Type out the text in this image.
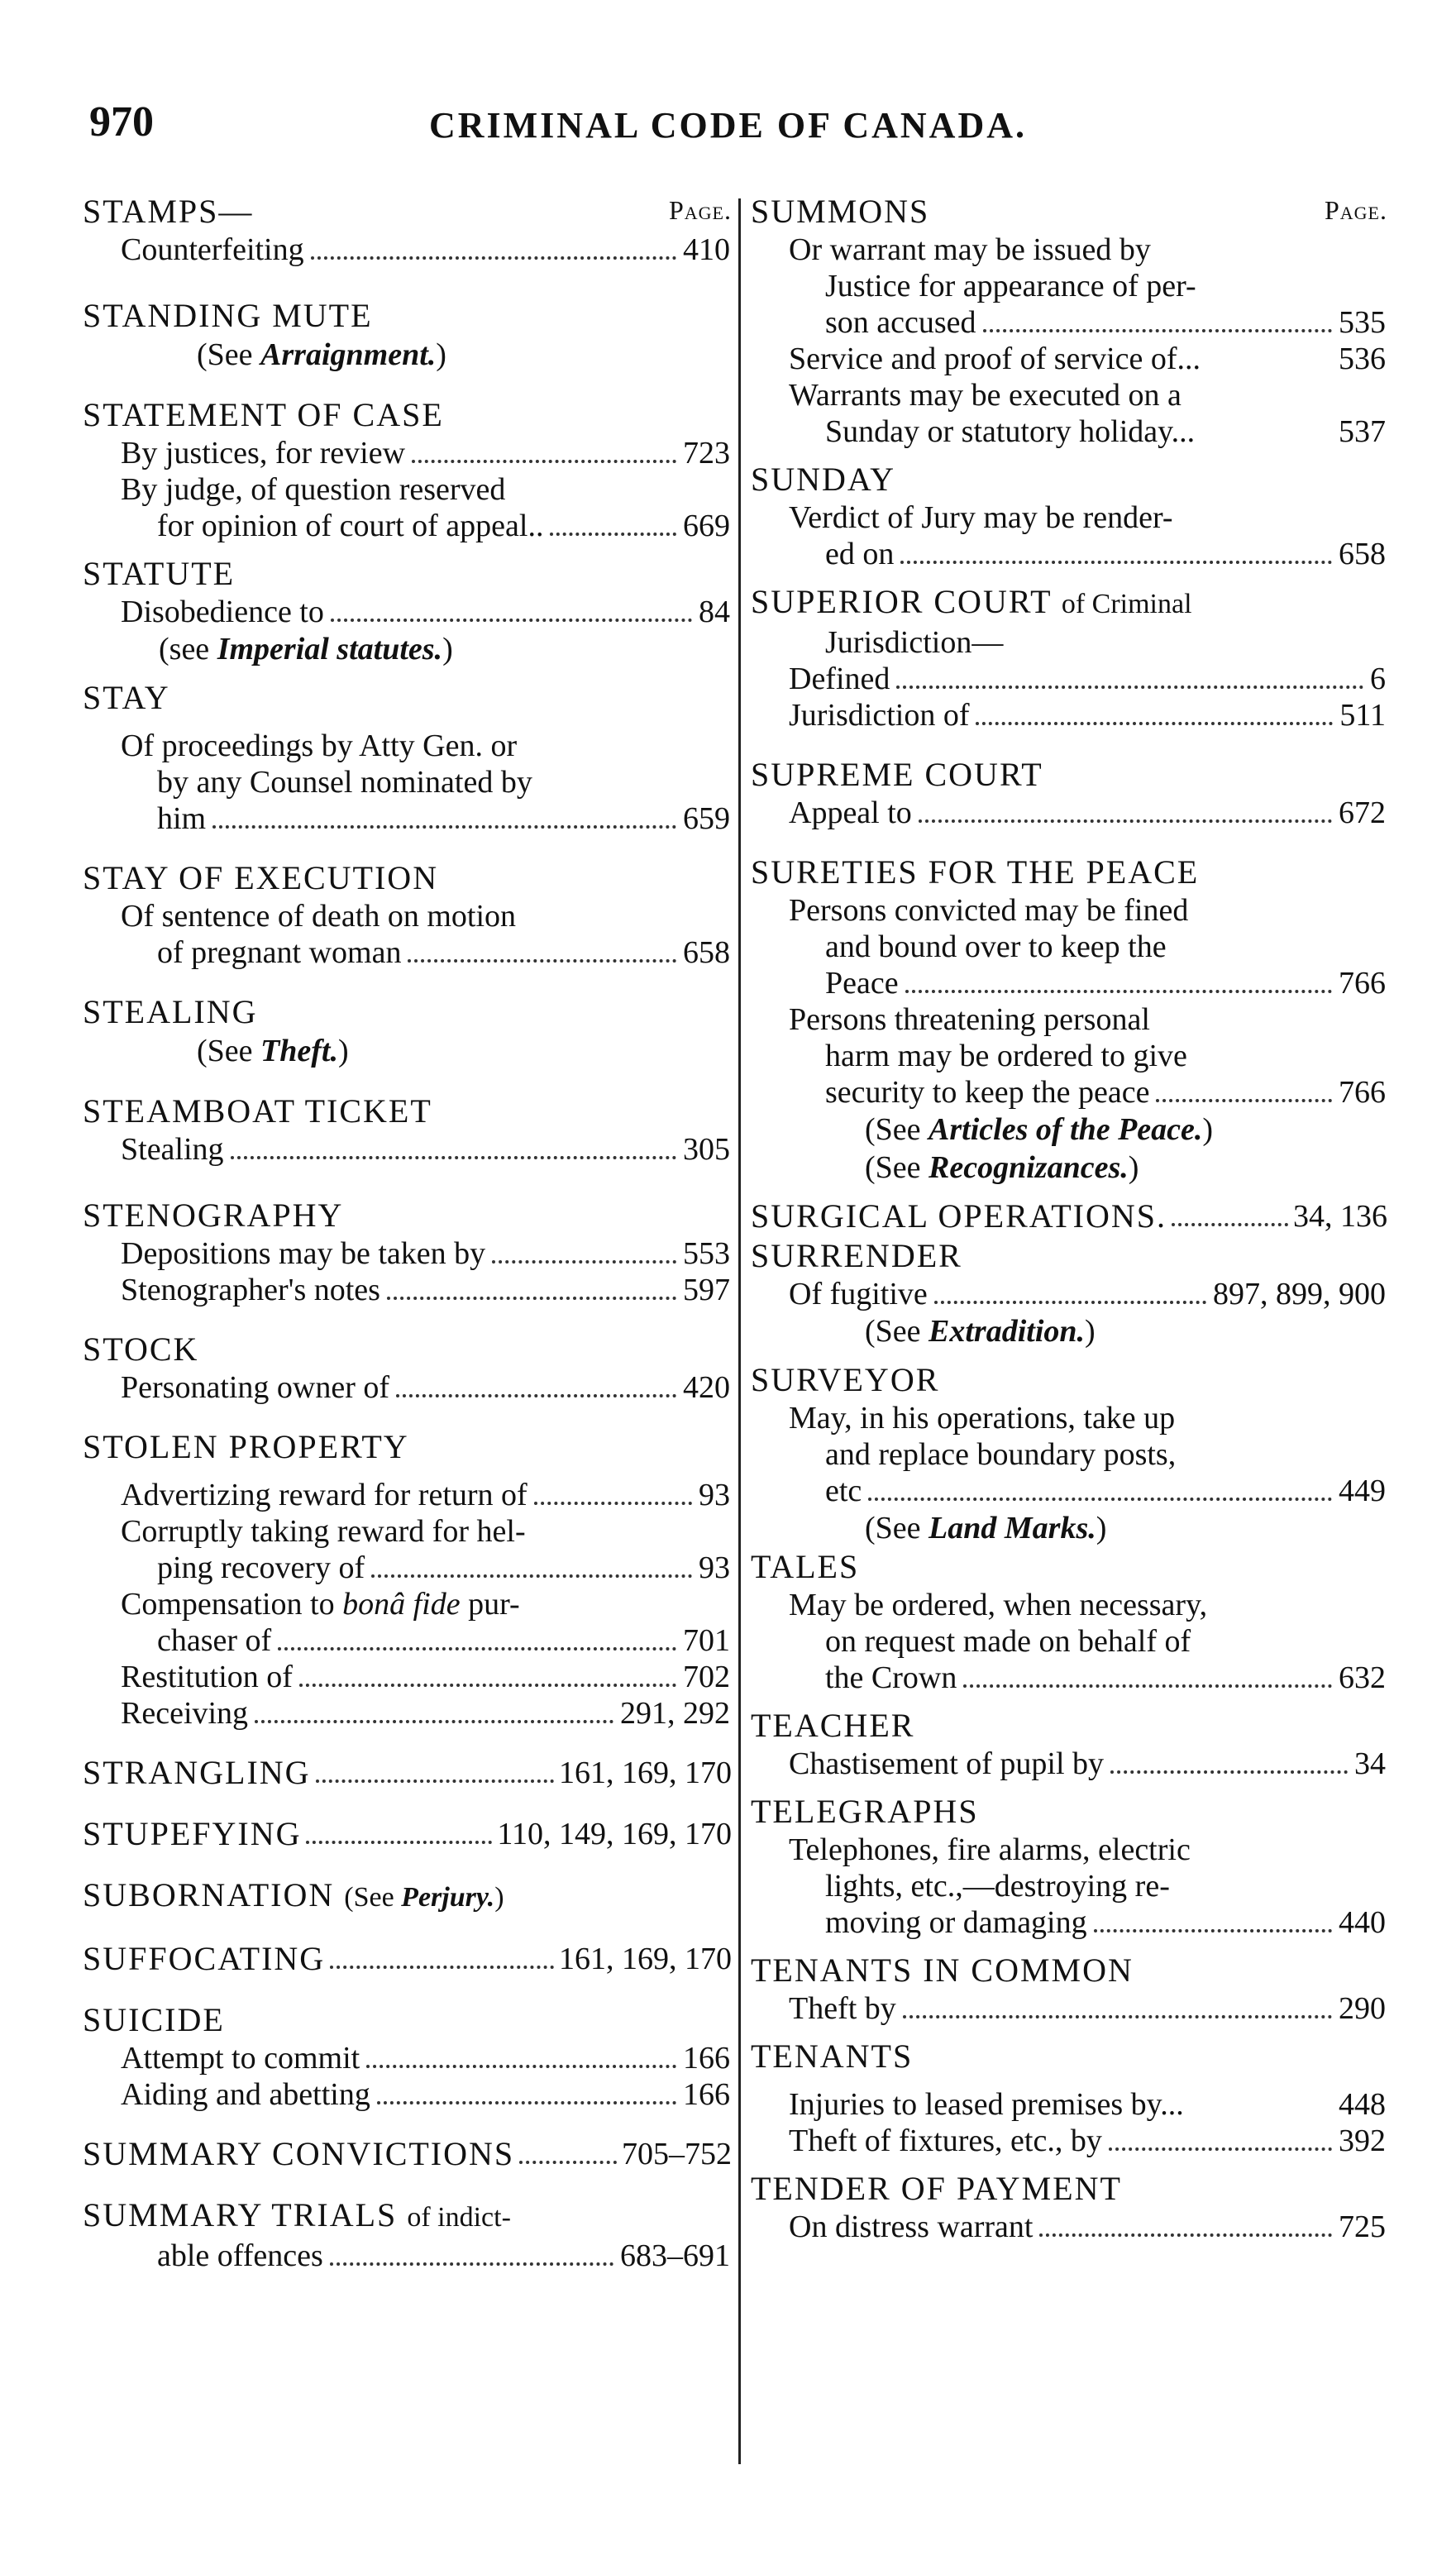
970	CRIMINAL CODE OF CANADA.
STAMPS—	Page.
Counterfeiting	410
STANDING MUTE
(See Arraignment.)
STATEMENT OF CASE
By justices, for review	723
By judge, of question reserved
for opinion of court of appeal..	669
STATUTE
Disobedience to	84
(see Imperial statutes.)
STAY
Of proceedings by Atty Gen. or
by any Counsel nominated by
him	659
STAY OF EXECUTION
Of sentence of death on motion
of pregnant woman	658
STEALING
(See Theft.)
STEAMBOAT TICKET
Stealing	305
STENOGRAPHY
Depositions may be taken by	553
Stenographer's notes	597
STOCK
Personating owner of	420
STOLEN PROPERTY
Advertizing reward for return of	93
Corruptly taking reward for hel-
ping recovery of	93
Compensation to bonâ fide pur-
chaser of	701
Restitution of	702
Receiving	291, 292
STRANGLING	161, 169, 170
STUPEFYING	110, 149, 169, 170
SUBORNATION (See Perjury.)
SUFFOCATING	161, 169, 170
SUICIDE
Attempt to commit	166
Aiding and abetting	166
SUMMARY CONVICTIONS	705–752
SUMMARY TRIALS of indict-
able offences	683–691
SUMMONS	Page.
Or warrant may be issued by
Justice for appearance of per-
son accused	535
Service and proof of service of...	536
Warrants may be executed on a
Sunday or statutory holiday...	537
SUNDAY
Verdict of Jury may be render-
ed on	658
SUPERIOR COURT of Criminal
Jurisdiction—
Defined	6
Jurisdiction of	511
SUPREME COURT
Appeal to	672
SURETIES FOR THE PEACE
Persons convicted may be fined
and bound over to keep the
Peace	766
Persons threatening personal
harm may be ordered to give
security to keep the peace	766
(See Articles of the Peace.)
(See Recognizances.)
SURGICAL OPERATIONS.	34, 136
SURRENDER
Of fugitive	897, 899, 900
(See Extradition.)
SURVEYOR
May, in his operations, take up
and replace boundary posts,
etc	449
(See Land Marks.)
TALES
May be ordered, when necessary,
on request made on behalf of
the Crown	632
TEACHER
Chastisement of pupil by	34
TELEGRAPHS
Telephones, fire alarms, electric
lights, etc.,—destroying re-
moving or damaging	440
TENANTS IN COMMON
Theft by	290
TENANTS
Injuries to leased premises by...	448
Theft of fixtures, etc., by	392
TENDER OF PAYMENT
On distress warrant	725
